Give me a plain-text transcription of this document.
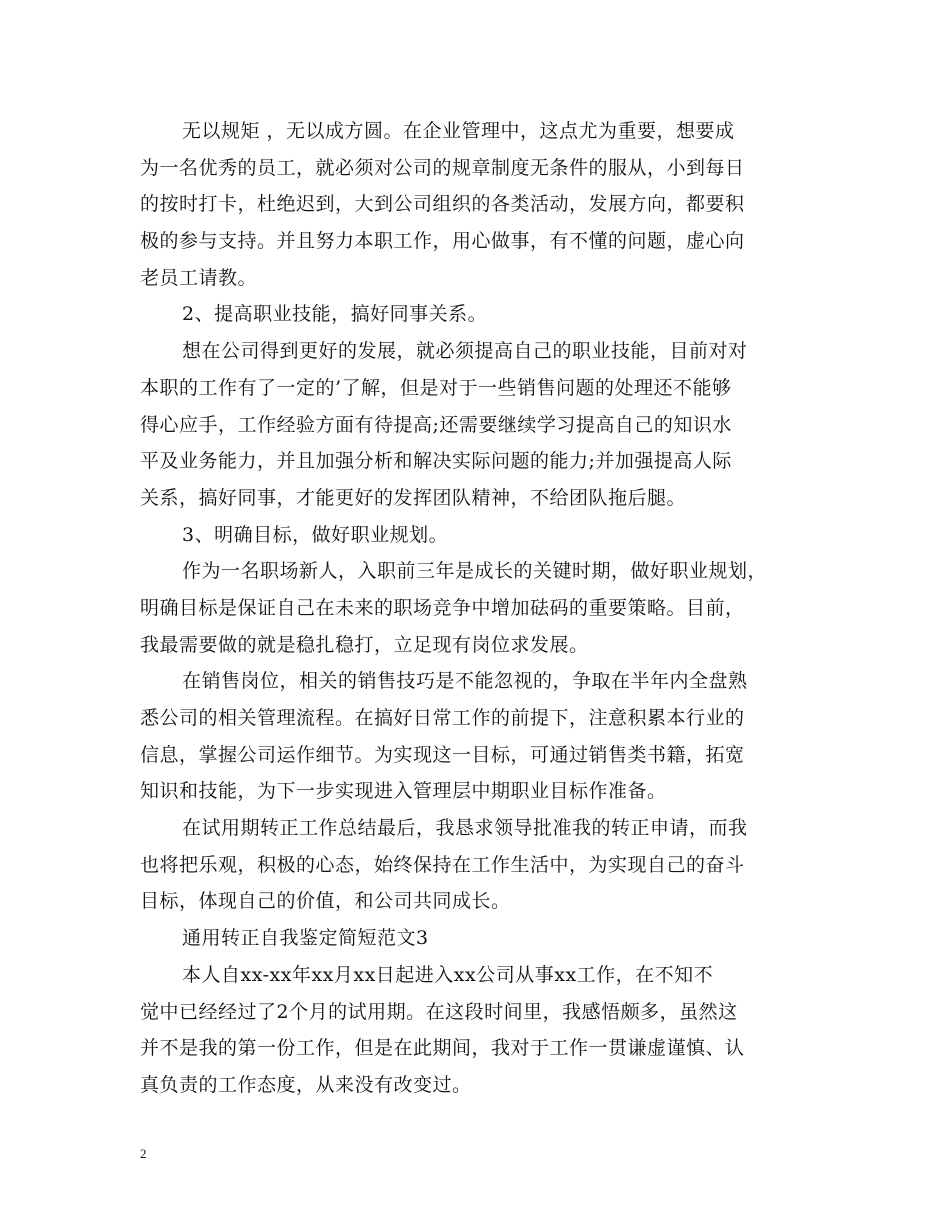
无以规矩 ，无以成方圆。在企业管理中，这点尤为重要，想要成
为一名优秀的员工，就必须对公司的规章制度无条件的服从，小到每日
的按时打卡，杜绝迟到，大到公司组织的各类活动，发展方向，都要积
极的参与支持。并且努力本职工作，用心做事，有不懂的问题，虚心向
老员工请教。
2、提高职业技能，搞好同事关系。
想在公司得到更好的发展，就必须提高自己的职业技能，目前对对
本职的工作有了一定的’了解，但是对于一些销售问题的处理还不能够
得心应手，工作经验方面有待提高;还需要继续学习提高自己的知识水
平及业务能力，并且加强分析和解决实际问题的能力;并加强提高人际
关系，搞好同事，才能更好的发挥团队精神，不给团队拖后腿。
3、明确目标，做好职业规划。
作为一名职场新人，入职前三年是成长的关键时期，做好职业规划，
明确目标是保证自己在未来的职场竞争中增加砝码的重要策略。目前，
我最需要做的就是稳扎稳打，立足现有岗位求发展。
在销售岗位，相关的销售技巧是不能忽视的，争取在半年内全盘熟
悉公司的相关管理流程。在搞好日常工作的前提下，注意积累本行业的
信息，掌握公司运作细节。为实现这一目标，可通过销售类书籍，拓宽
知识和技能，为下一步实现进入管理层中期职业目标作准备。
在试用期转正工作总结最后，我恳求领导批准我的转正申请，而我
也将把乐观，积极的心态，始终保持在工作生活中，为实现自己的奋斗
目标，体现自己的价值，和公司共同成长。
通用转正自我鉴定简短范文3
本人自xx-xx年xx月xx日起进入xx公司从事xx工作，在不知不
觉中已经经过了2个月的试用期。在这段时间里，我感悟颇多，虽然这
并不是我的第一份工作，但是在此期间，我对于工作一贯谦虚谨慎、认
真负责的工作态度，从来没有改变过。
2
